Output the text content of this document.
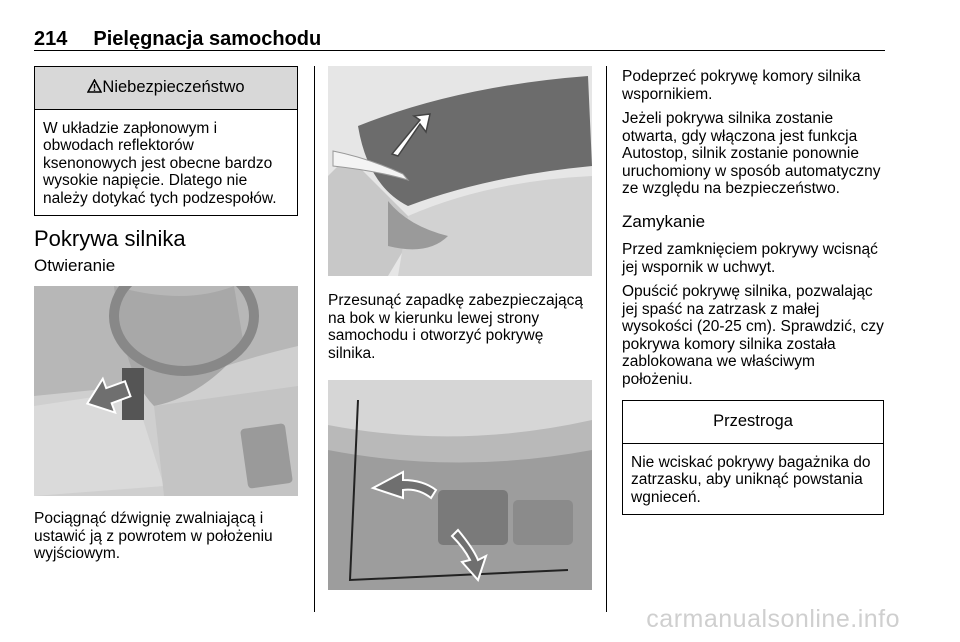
214 Pielęgnacja samochodu
Niebezpieczeństwo
W układzie zapłonowym i obwodach reflektorów ksenonowych jest obecne bardzo wysokie napięcie. Dlatego nie należy dotykać tych podzespołów.
Pokrywa silnika
Otwieranie

Pociągnąć dźwignię zwalniającą i ustawić ją z powrotem w położeniu wyjściowym.

Przesunąć zapadkę zabezpieczającą na bok w kierunku lewej strony samochodu i otworzyć pokrywę silnika.

Podeprzeć pokrywę komory silnika wspornikiem.

Jeżeli pokrywa silnika zostanie otwarta, gdy włączona jest funkcja Autostop, silnik zostanie ponownie uruchomiony w sposób automatyczny ze względu na bezpieczeństwo.

Zamykanie

Przed zamknięciem pokrywy wcisnąć jej wspornik w uchwyt.

Opuścić pokrywę silnika, pozwalając jej spaść na zatrzask z małej wysokości (20-25 cm). Sprawdzić, czy pokrywa komory silnika została zablokowana we właściwym położeniu.

Przestroga
Nie wciskać pokrywy bagażnika do zatrzasku, aby uniknąć powstania wgnieceń.
carmanualsonline.info
